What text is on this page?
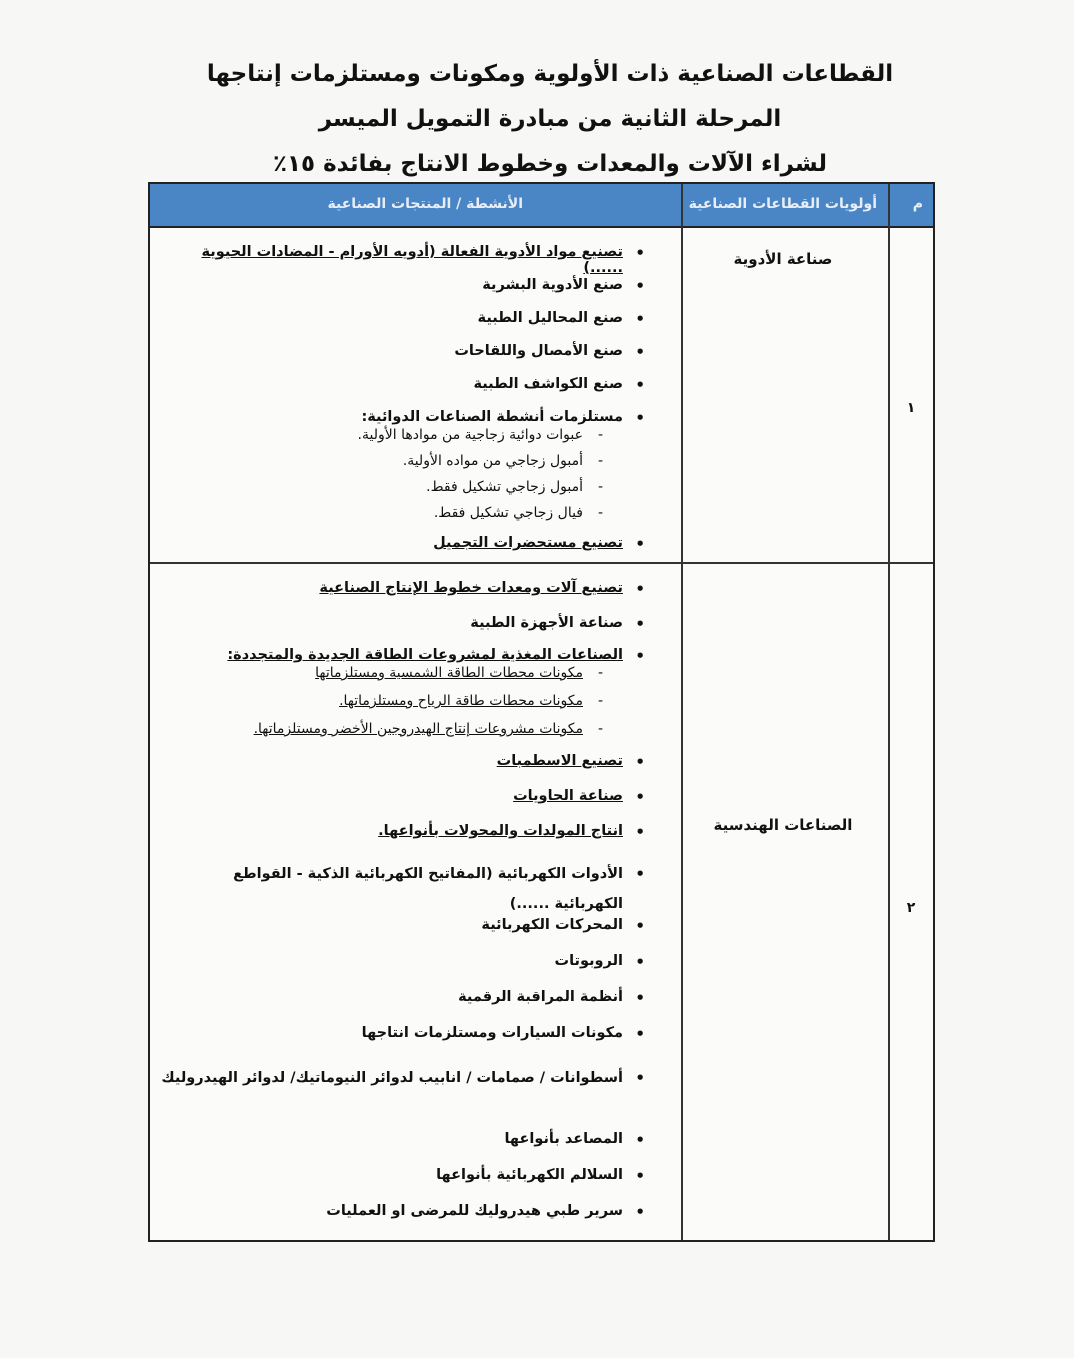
القطاعات الصناعية ذات الأولوية ومكونات ومستلزمات إنتاجها
المرحلة الثانية من مبادرة التمويل الميسر
لشراء الآلات والمعدات وخطوط الانتاج بفائدة ١٥٪
م
أولويات القطاعات الصناعية
الأنشطة / المنتجات الصناعية
١
صناعة الأدوية
• تصنيع مواد الأدوية الفعالة (أدويه الأورام - المضادات الحيوية ......)
• صنع الأدوية البشرية
• صنع المحاليل الطبية
• صنع الأمصال واللقاحات
• صنع الكواشف الطبية
• مستلزمات أنشطة الصناعات الدوائية:
- عبوات دوائية زجاجية من موادها الأولية.
- أمبول زجاجي من مواده الأولية.
- أمبول زجاجي تشكيل فقط.
- فيال زجاجي تشكيل فقط.
• تصنيع مستحضرات التجميل
٢
الصناعات الهندسية
• تصنيع آلات ومعدات خطوط الإنتاج الصناعية
• صناعة الأجهزة الطبية
• الصناعات المغذية لمشروعات الطاقة الجديدة والمتجددة:
- مكونات محطات الطاقة الشمسية ومستلزماتها
- مكونات محطات طاقة الرياح ومستلزماتها.
- مكونات مشروعات إنتاج الهيدروجين الأخضر ومستلزماتها.
• تصنيع الاسطمبات
• صناعة الحاويات
• انتاج المولدات والمحولات بأنواعها.
• الأدوات الكهربائية (المفاتيح الكهربائية الذكية - القواطع الكهربائية ......)
• المحركات الكهربائية
• الروبوتات
• أنظمة المراقبة الرقمية
• مكونات السيارات ومستلزمات انتاجها
• أسطوانات / صمامات / انابيب لدوائر النيوماتيك/ لدوائر الهيدروليك
• المصاعد بأنواعها
• السلالم الكهربائية بأنواعها
• سرير طبي هيدروليك للمرضى او العمليات
